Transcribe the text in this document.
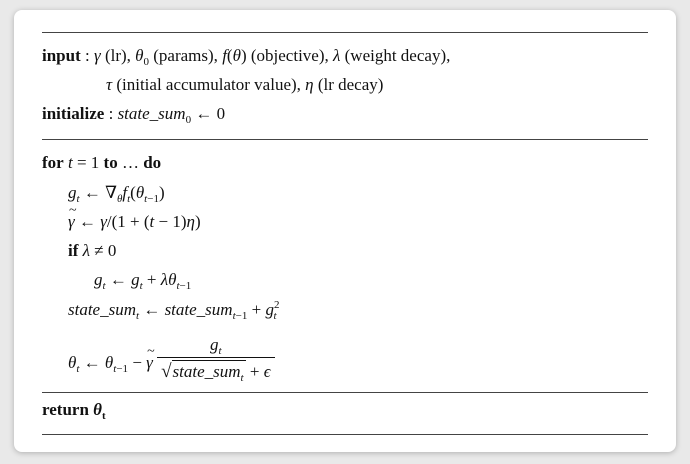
input : γ (lr), $\theta_0$ (params), f(θ) (objective), λ (weight decay),
τ (initial accumulator value), η (lr decay)
initialize : state_sum$_0$ ← 0
for t = 1 to … do
$g_t$ ← $\nabla_\theta f_t(\theta_{t-1})$
~ γ ← γ/(1 + (t − 1)η)
if λ ≠ 0
$g_t$ ← $g_t + \lambda\theta_{t-1}$
state_sum$_t$ ← state_sum$_{t-1}$ + $g^2_t$
$\theta_t$ ← $\theta_{t-1}$ − ~ γ $\frac{g_t}{√state\_sum_t + \epsilon}$
return $\theta_t$
